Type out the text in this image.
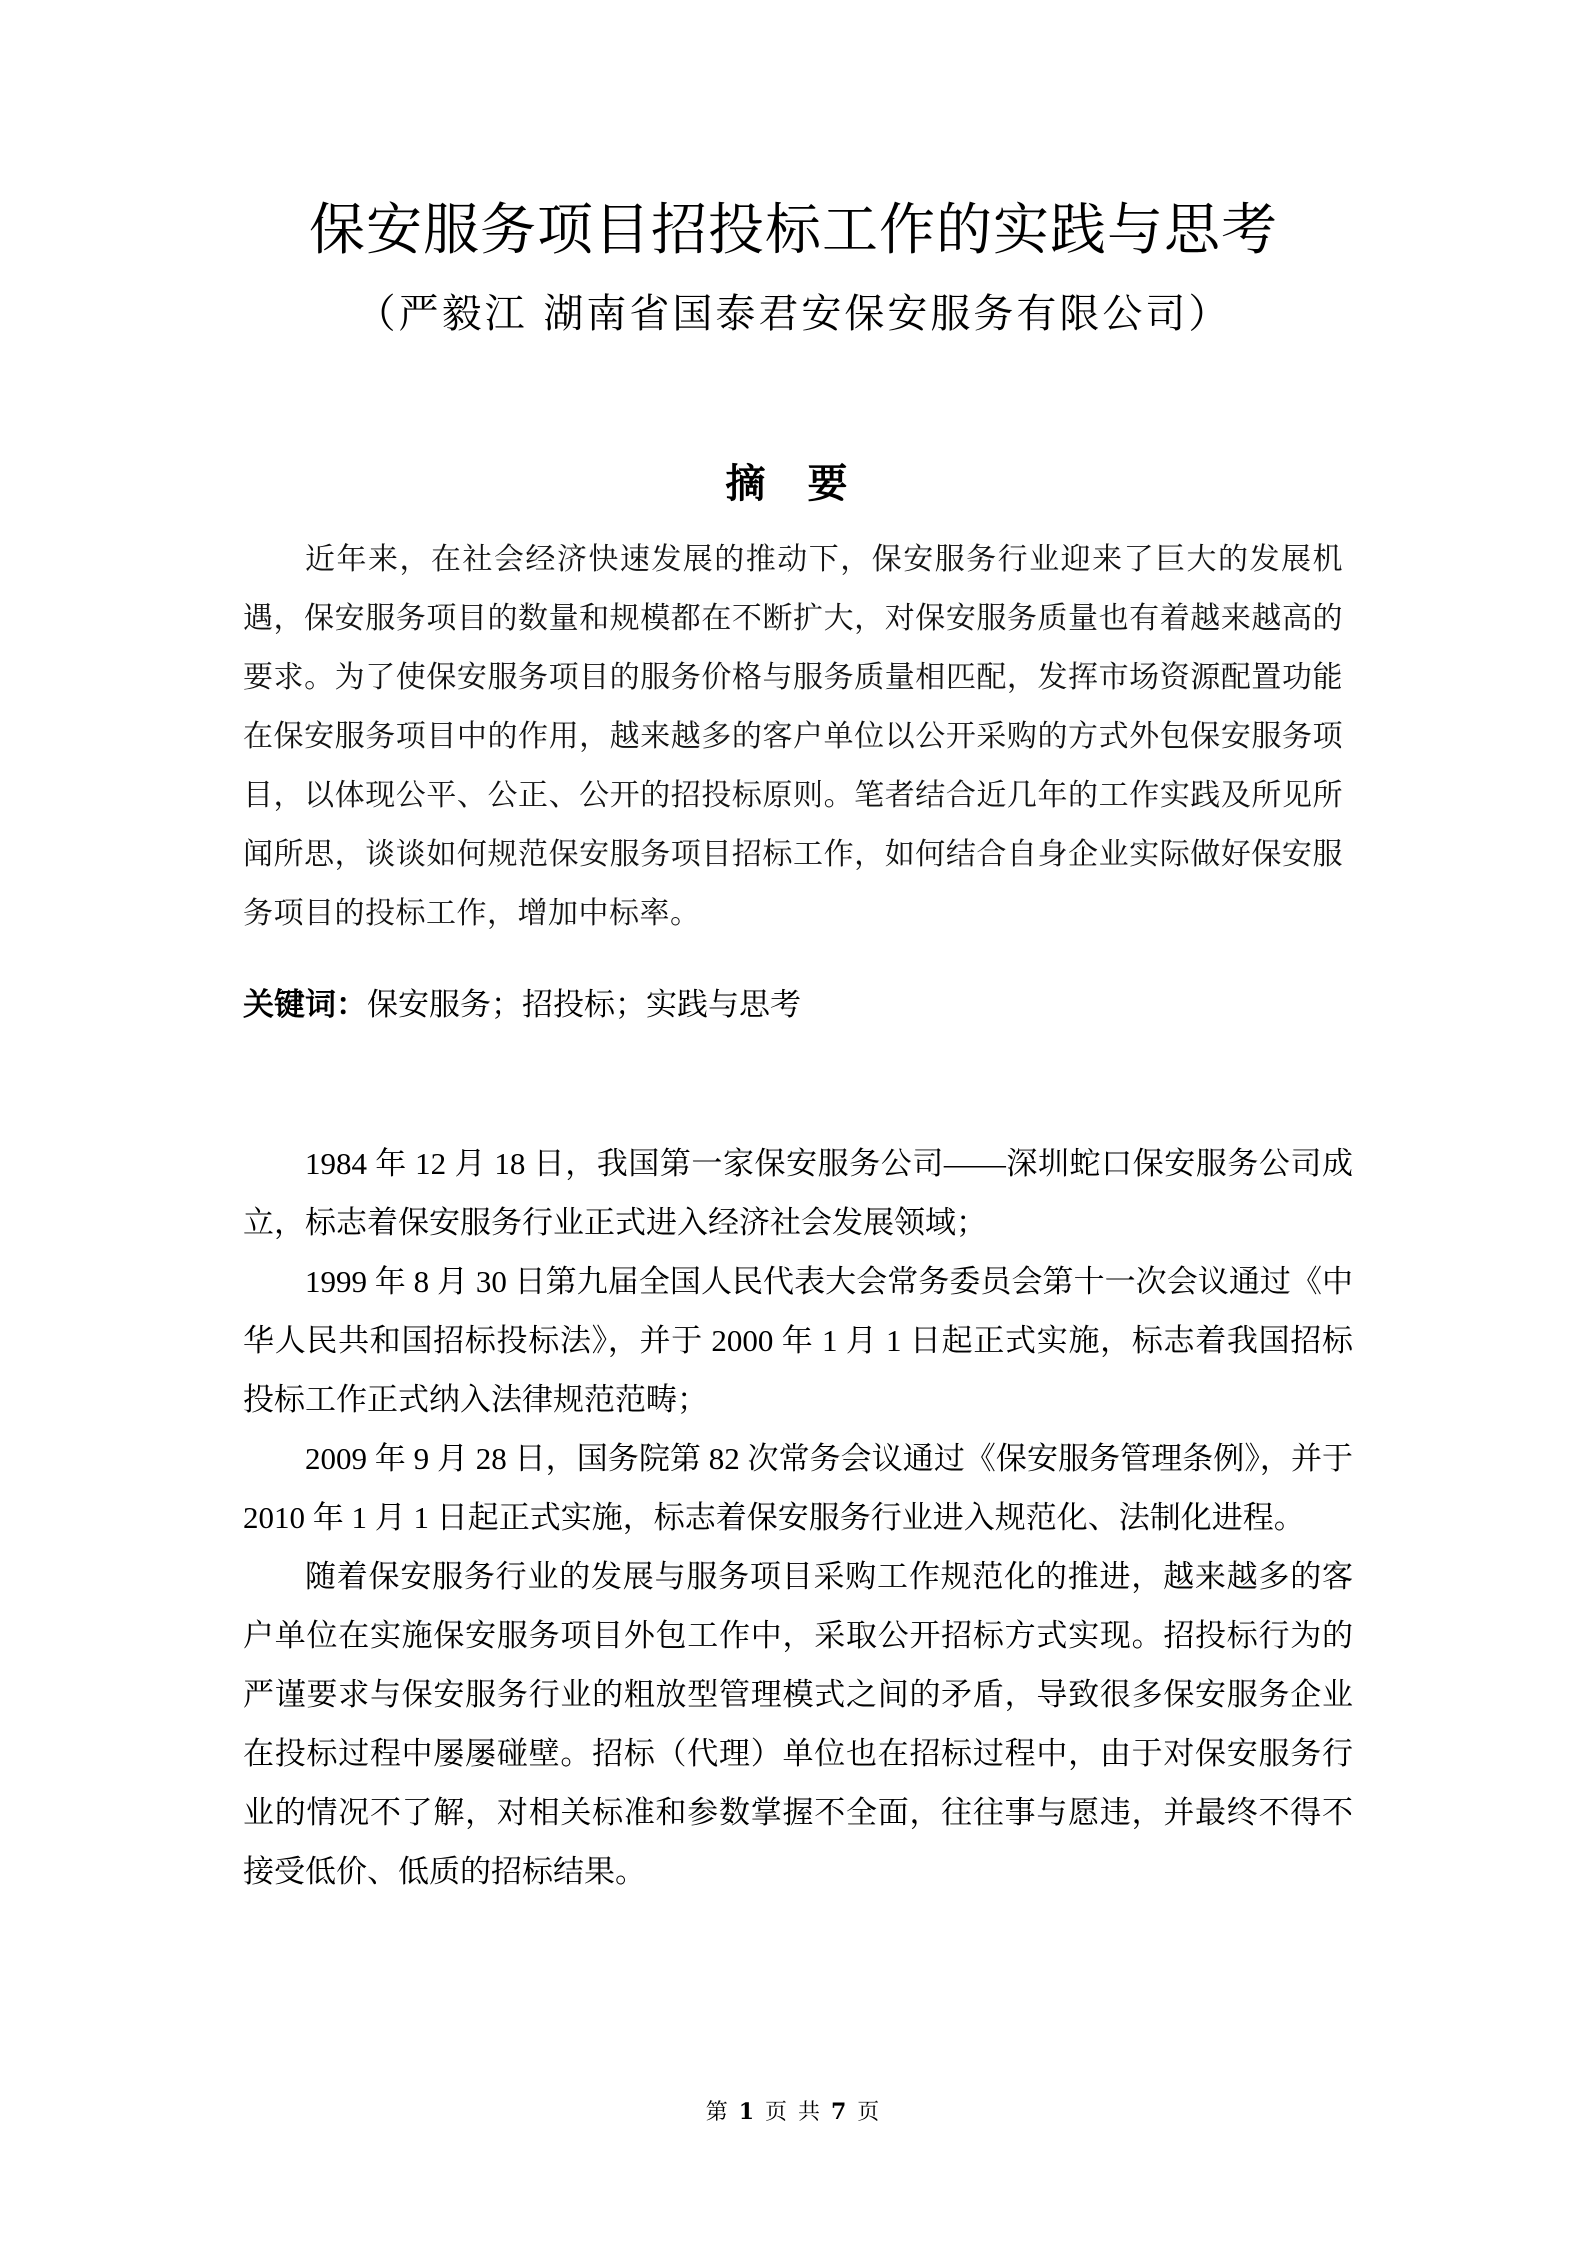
保安服务项目招投标工作的实践与思考
（严毅江 湖南省国泰君安保安服务有限公司）
摘 要

近年来，在社会经济快速发展的推动下，保安服务行业迎来了巨大的发展机遇，保安服务项目的数量和规模都在不断扩大，对保安服务质量也有着越来越高的要求。为了使保安服务项目的服务价格与服务质量相匹配，发挥市场资源配置功能在保安服务项目中的作用，越来越多的客户单位以公开采购的方式外包保安服务项目，以体现公平、公正、公开的招投标原则。笔者结合近几年的工作实践及所见所闻所思，谈谈如何规范保安服务项目招标工作，如何结合自身企业实际做好保安服务项目的投标工作，增加中标率。

关键词：保安服务；招投标；实践与思考

1984 年 12 月 18 日，我国第一家保安服务公司——深圳蛇口保安服务公司成立，标志着保安服务行业正式进入经济社会发展领域；

1999 年 8 月 30 日第九届全国人民代表大会常务委员会第十一次会议通过《中华人民共和国招标投标法》，并于 2000 年 1 月 1 日起正式实施，标志着我国招标投标工作正式纳入法律规范范畴；

2009 年 9 月 28 日，国务院第 82 次常务会议通过《保安服务管理条例》，并于 2010 年 1 月 1 日起正式实施，标志着保安服务行业进入规范化、法制化进程。

随着保安服务行业的发展与服务项目采购工作规范化的推进，越来越多的客户单位在实施保安服务项目外包工作中，采取公开招标方式实现。招投标行为的严谨要求与保安服务行业的粗放型管理模式之间的矛盾，导致很多保安服务企业在投标过程中屡屡碰壁。招标（代理）单位也在招标过程中，由于对保安服务行业的情况不了解，对相关标准和参数掌握不全面，往往事与愿违，并最终不得不接受低价、低质的招标结果。

第 1 页 共 7 页
